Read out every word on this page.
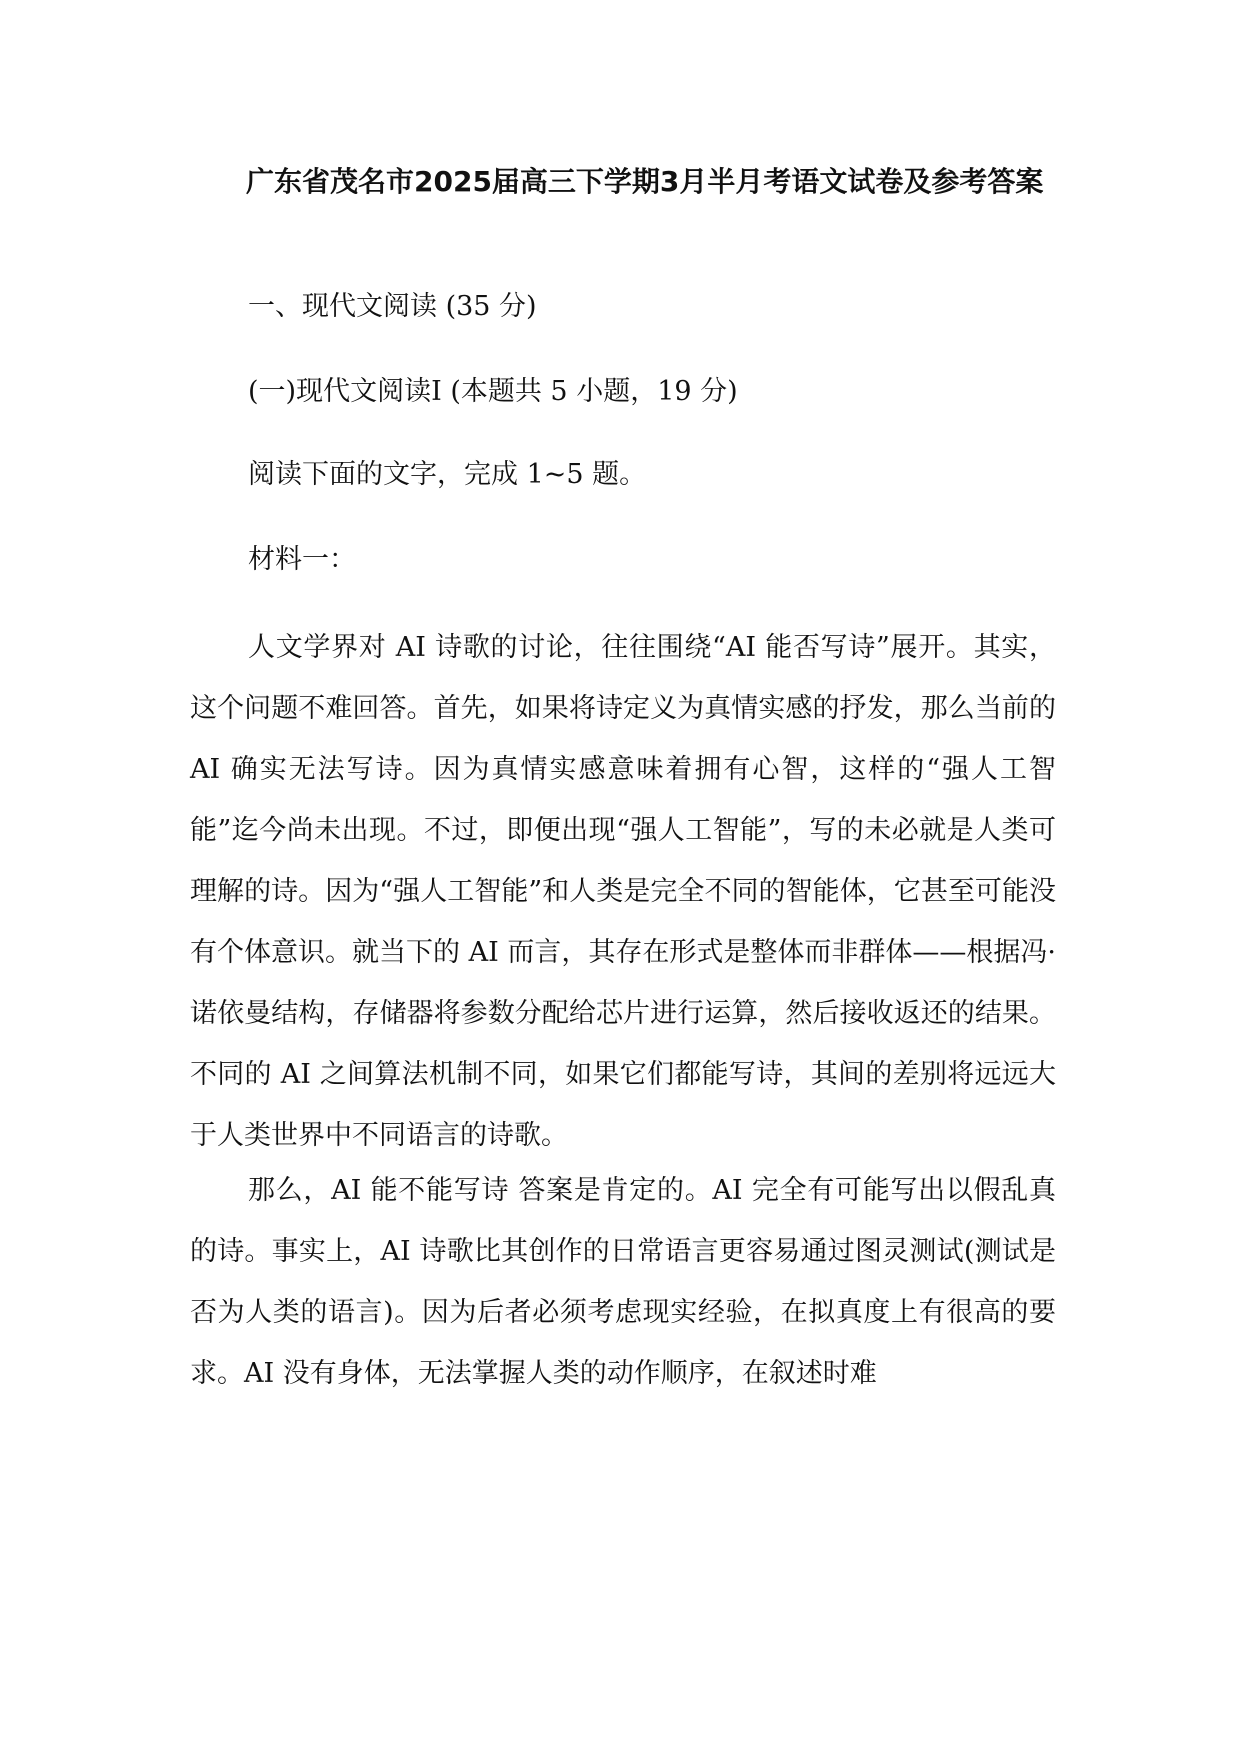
广东省茂名市2025届高三下学期3月半月考语文试卷及参考答案

一、现代文阅读 (35 分)

(一)现代文阅读Ⅰ (本题共 5 小题，19 分)

阅读下面的文字，完成 1~5 题。

材料一：

人文学界对 AI 诗歌的讨论，往往围绕“AI 能否写诗”展开。其实，这个问题不难回答。首先，如果将诗定义为真情实感的抒发，那么当前的 AI 确实无法写诗。因为真情实感意味着拥有心智，这样的“强人工智能”迄今尚未出现。不过，即便出现“强人工智能”，写的未必就是人类可理解的诗。因为“强人工智能”和人类是完全不同的智能体，它甚至可能没有个体意识。就当下的 AI 而言，其存在形式是整体而非群体——根据冯·诺依曼结构，存储器将参数分配给芯片进行运算，然后接收返还的结果。不同的 AI 之间算法机制不同，如果它们都能写诗，其间的差别将远远大于人类世界中不同语言的诗歌。

那么，AI 能不能写诗 答案是肯定的。AI 完全有可能写出以假乱真的诗。事实上，AI 诗歌比其创作的日常语言更容易通过图灵测试(测试是否为人类的语言)。因为后者必须考虑现实经验，在拟真度上有很高的要求。AI 没有身体，无法掌握人类的动作顺序，在叙述时难
